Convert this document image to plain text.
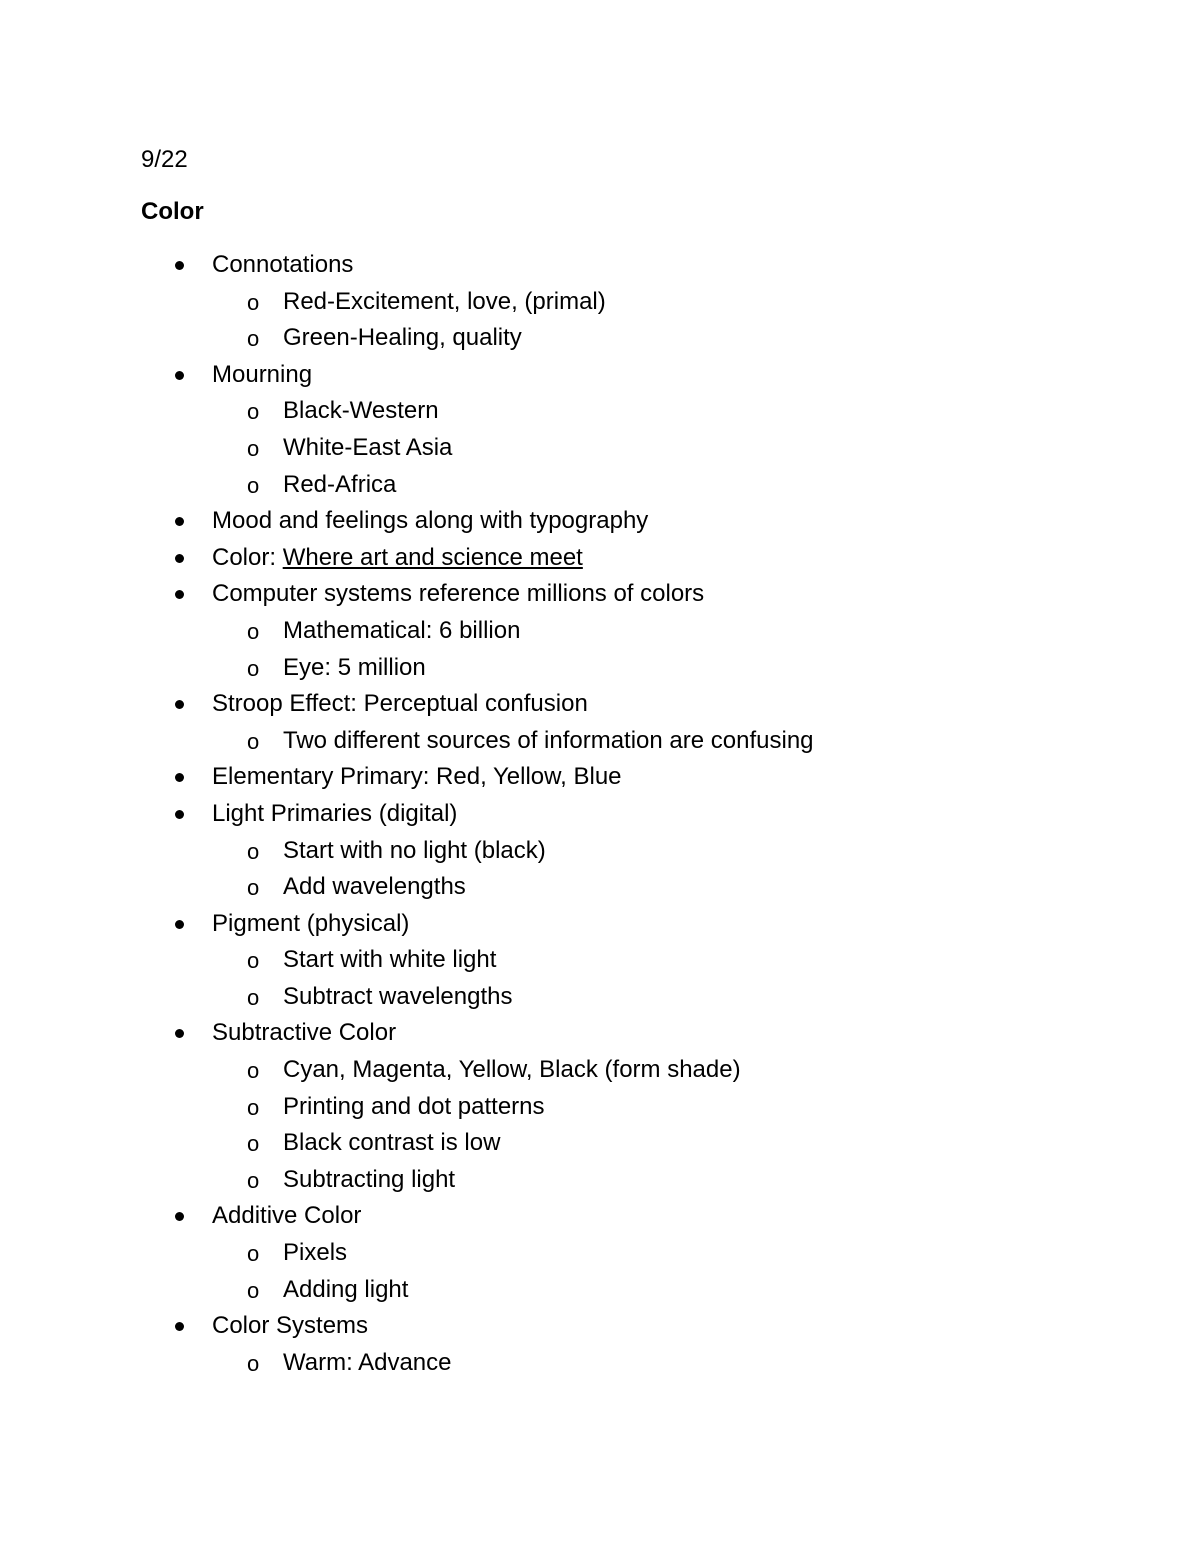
9/22
Color
Connotations
o Red-Excitement, love, (primal)
o Green-Healing, quality
Mourning
o Black-Western
o White-East Asia
o Red-Africa
Mood and feelings along with typography
Color: Where art and science meet
Computer systems reference millions of colors
o Mathematical: 6 billion
o Eye: 5 million
Stroop Effect: Perceptual confusion
o Two different sources of information are confusing
Elementary Primary: Red, Yellow, Blue
Light Primaries (digital)
o Start with no light (black)
o Add wavelengths
Pigment (physical)
o Start with white light
o Subtract wavelengths
Subtractive Color
o Cyan, Magenta, Yellow, Black (form shade)
o Printing and dot patterns
o Black contrast is low
o Subtracting light
Additive Color
o Pixels
o Adding light
Color Systems
o Warm: Advance
